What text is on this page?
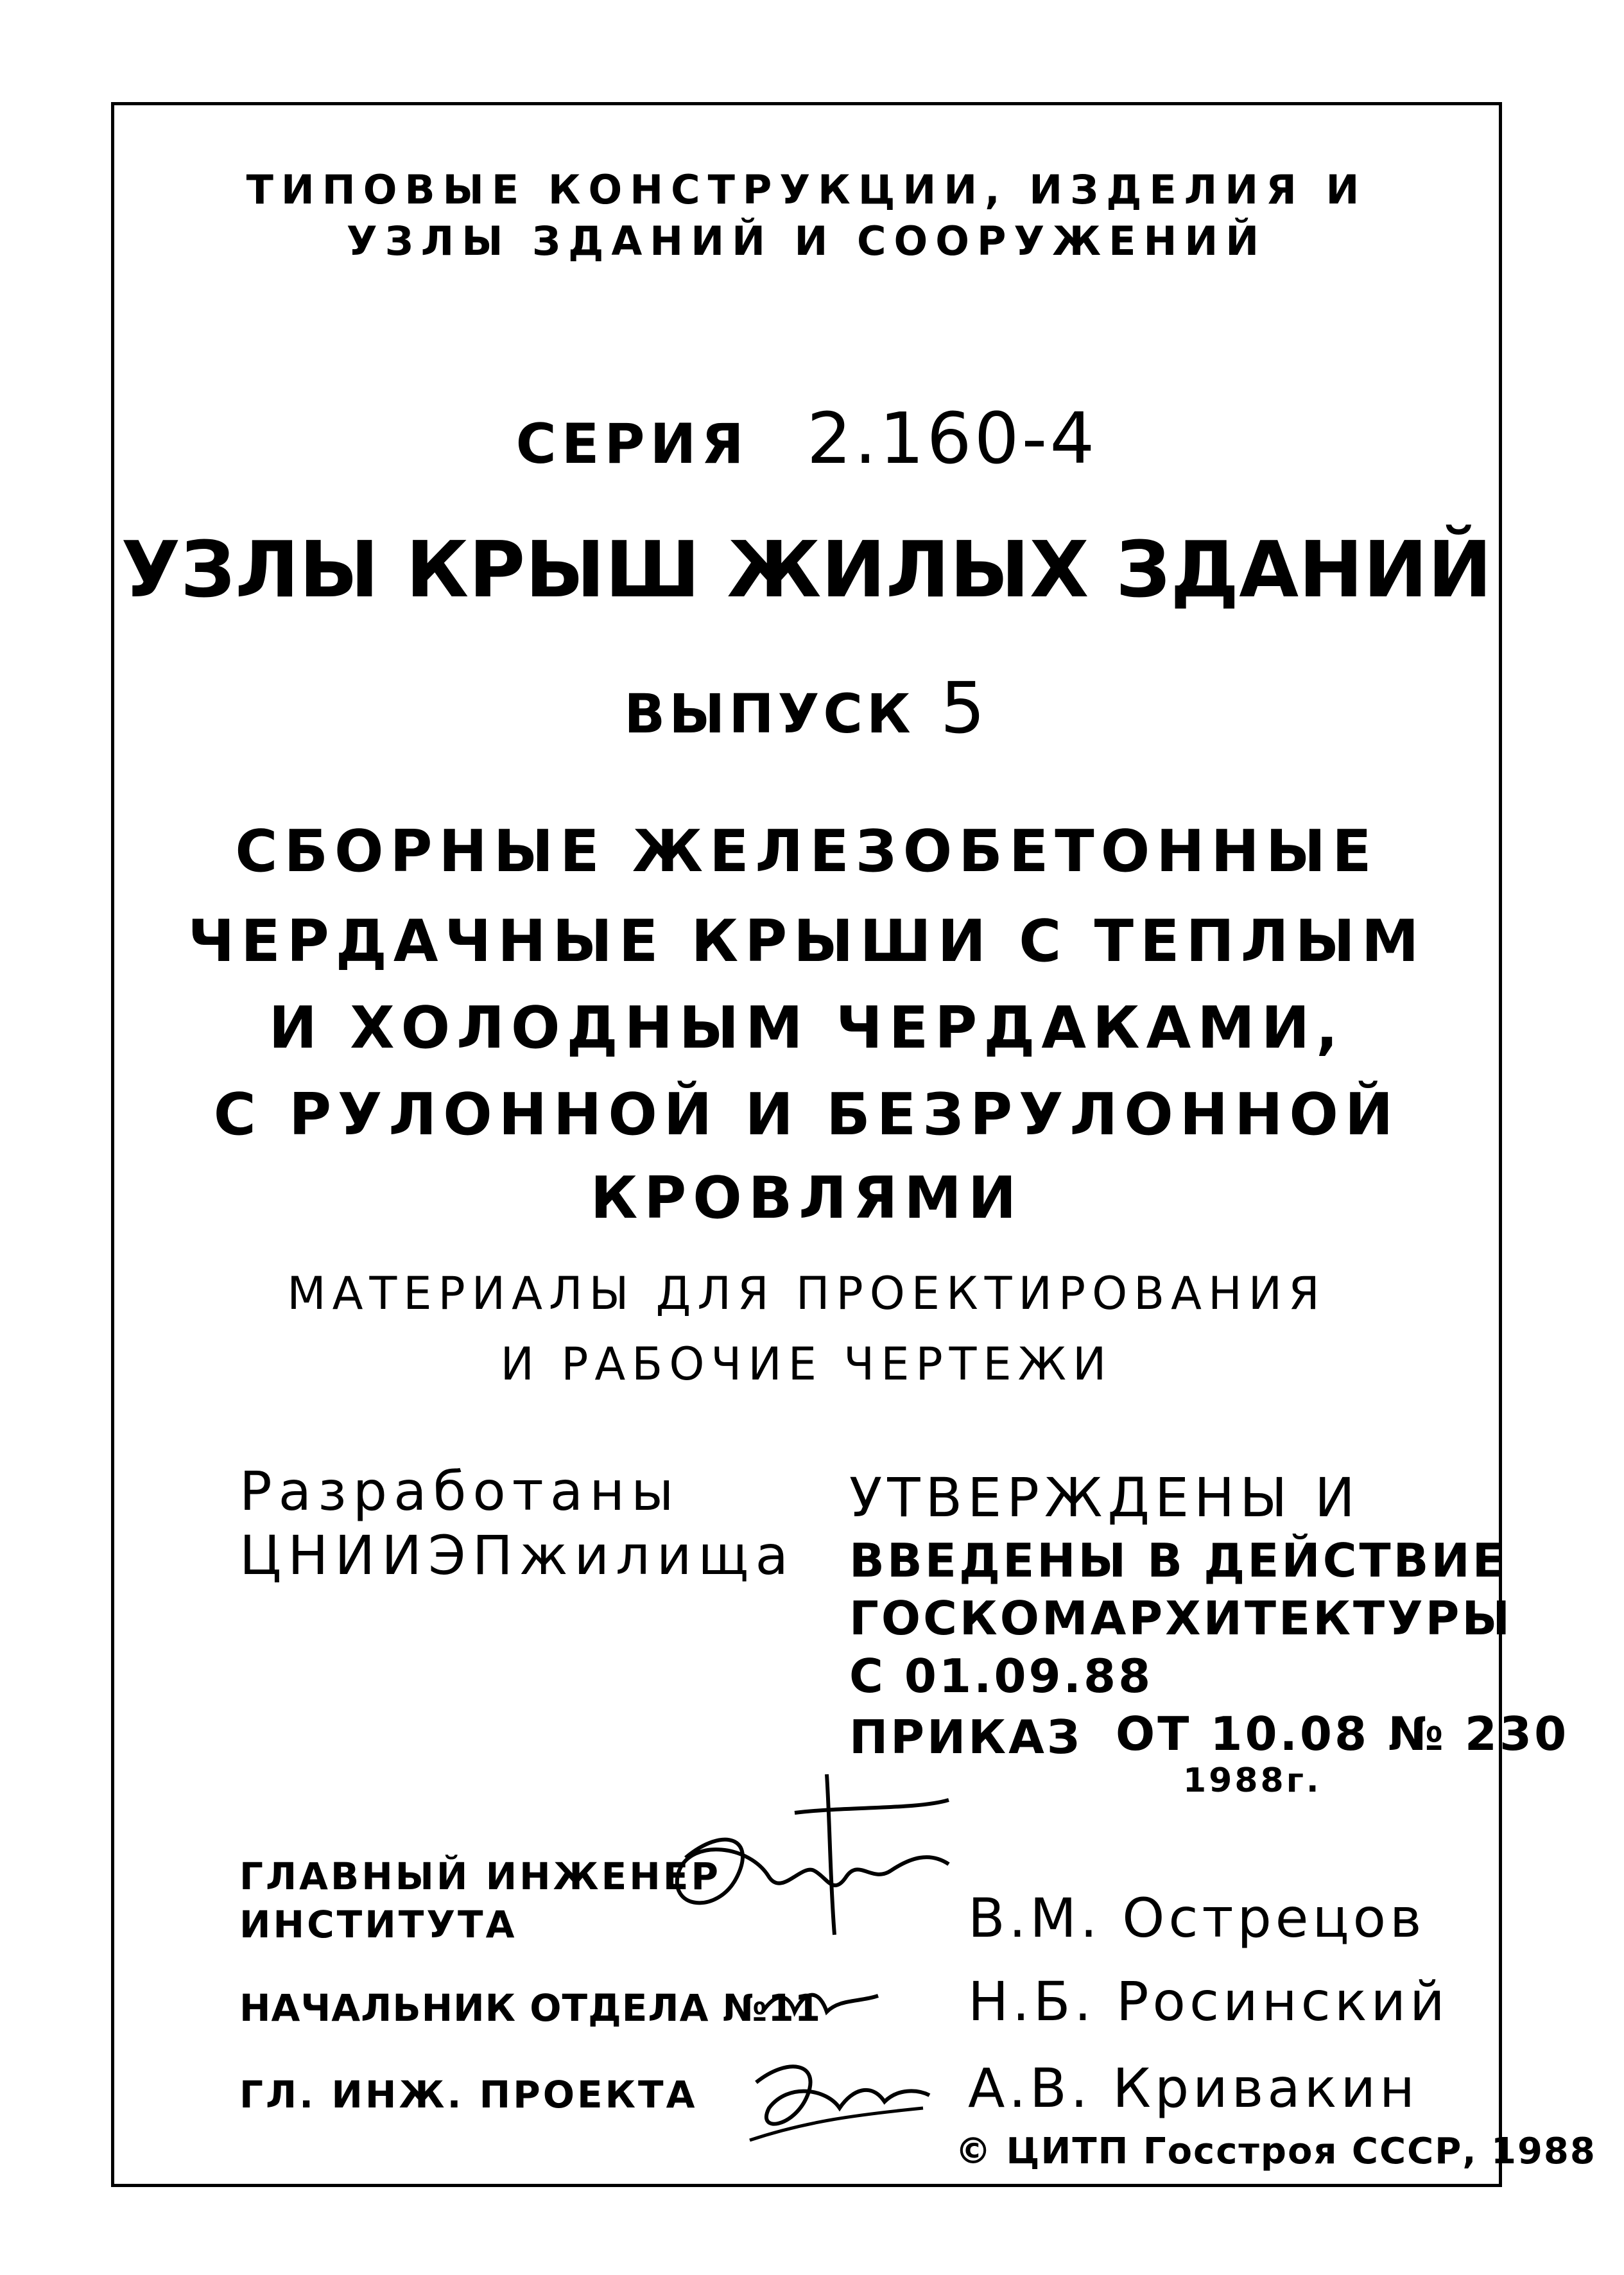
ТИПОВЫЕ КОНСТРУКЦИИ, ИЗДЕЛИЯ И
УЗЛЫ ЗДАНИЙ И СООРУЖЕНИЙ
СЕРИЯ 2.160-4
УЗЛЫ КРЫШ ЖИЛЫХ ЗДАНИЙ
ВЫПУСК 5
СБОРНЫЕ ЖЕЛЕЗОБЕТОННЫЕ
ЧЕРДАЧНЫЕ КРЫШИ С ТЕПЛЫМ
И ХОЛОДНЫМ ЧЕРДАКАМИ,
С РУЛОННОЙ И БЕЗРУЛОННОЙ
КРОВЛЯМИ
МАТЕРИАЛЫ ДЛЯ ПРОЕКТИРОВАНИЯ
И РАБОЧИЕ ЧЕРТЕЖИ
Разработаны
ЦНИИЭПжилища
УТВЕРЖДЕНЫ И
ВВЕДЕНЫ В ДЕЙСТВИЕ
ГОСКОМАРХИТЕКТУРЫ
С 01.09.88
ПРИКАЗ ОТ 10.08 № 230
1988г.
ГЛАВНЫЙ ИНЖЕНЕР
ИНСТИТУТА
НАЧАЛЬНИК ОТДЕЛА №11
ГЛ. ИНЖ. ПРОЕКТА
В.М. Острецов
Н.Б. Росинский
А.В. Кривакин
© ЦИТП Госстроя СССР, 1988
